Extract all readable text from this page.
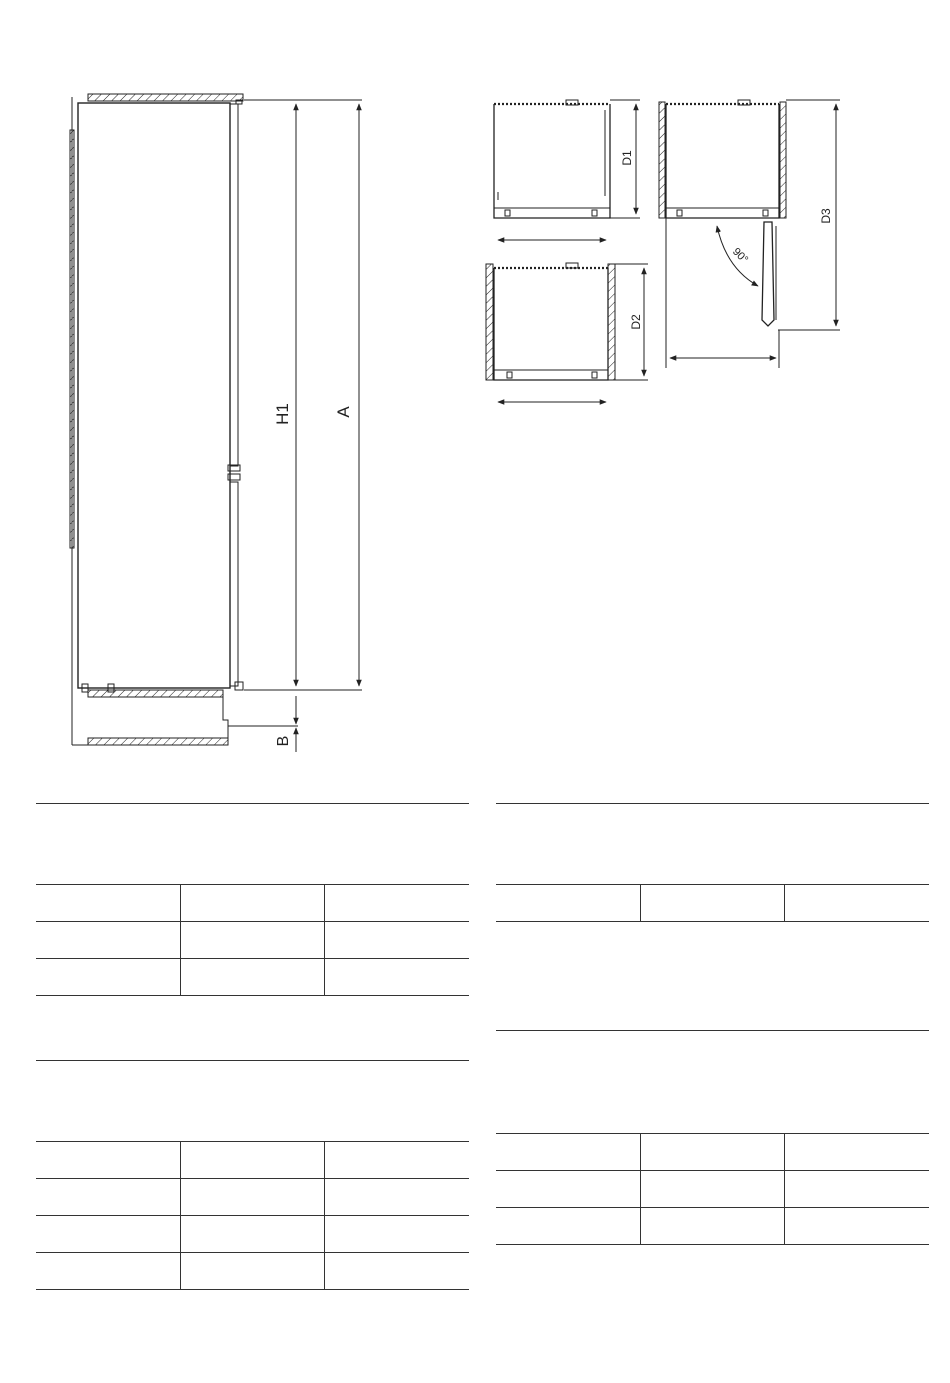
H1 A
B
D1
D2
D3
90°
